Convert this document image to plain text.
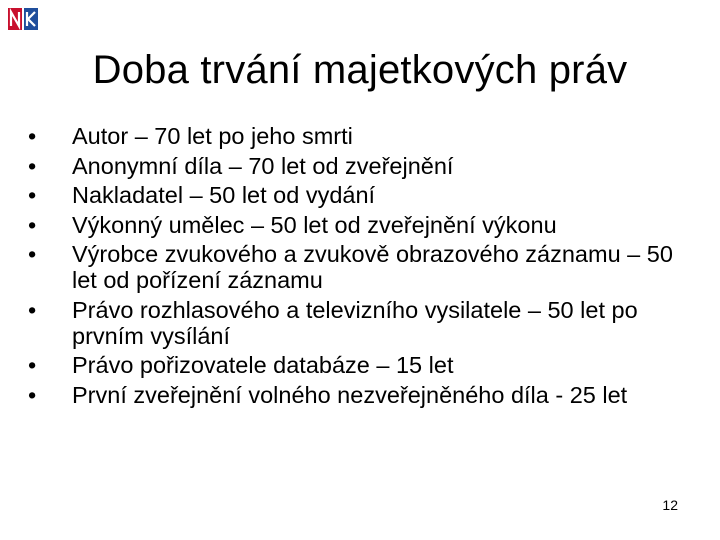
Doba trvání majetkových práv
•	Autor – 70 let po jeho smrti
•	Anonymní díla – 70 let od zveřejnění
•	Nakladatel – 50 let od vydání
•	Výkonný umělec – 50 let od zveřejnění výkonu
•	Výrobce zvukového a zvukově obrazového záznamu – 50 let od pořízení záznamu
•	Právo rozhlasového a televizního vysilatele – 50 let po prvním vysílání
•	Právo pořizovatele databáze – 15 let
•	První zveřejnění volného nezveřejněného díla - 25 let
12
